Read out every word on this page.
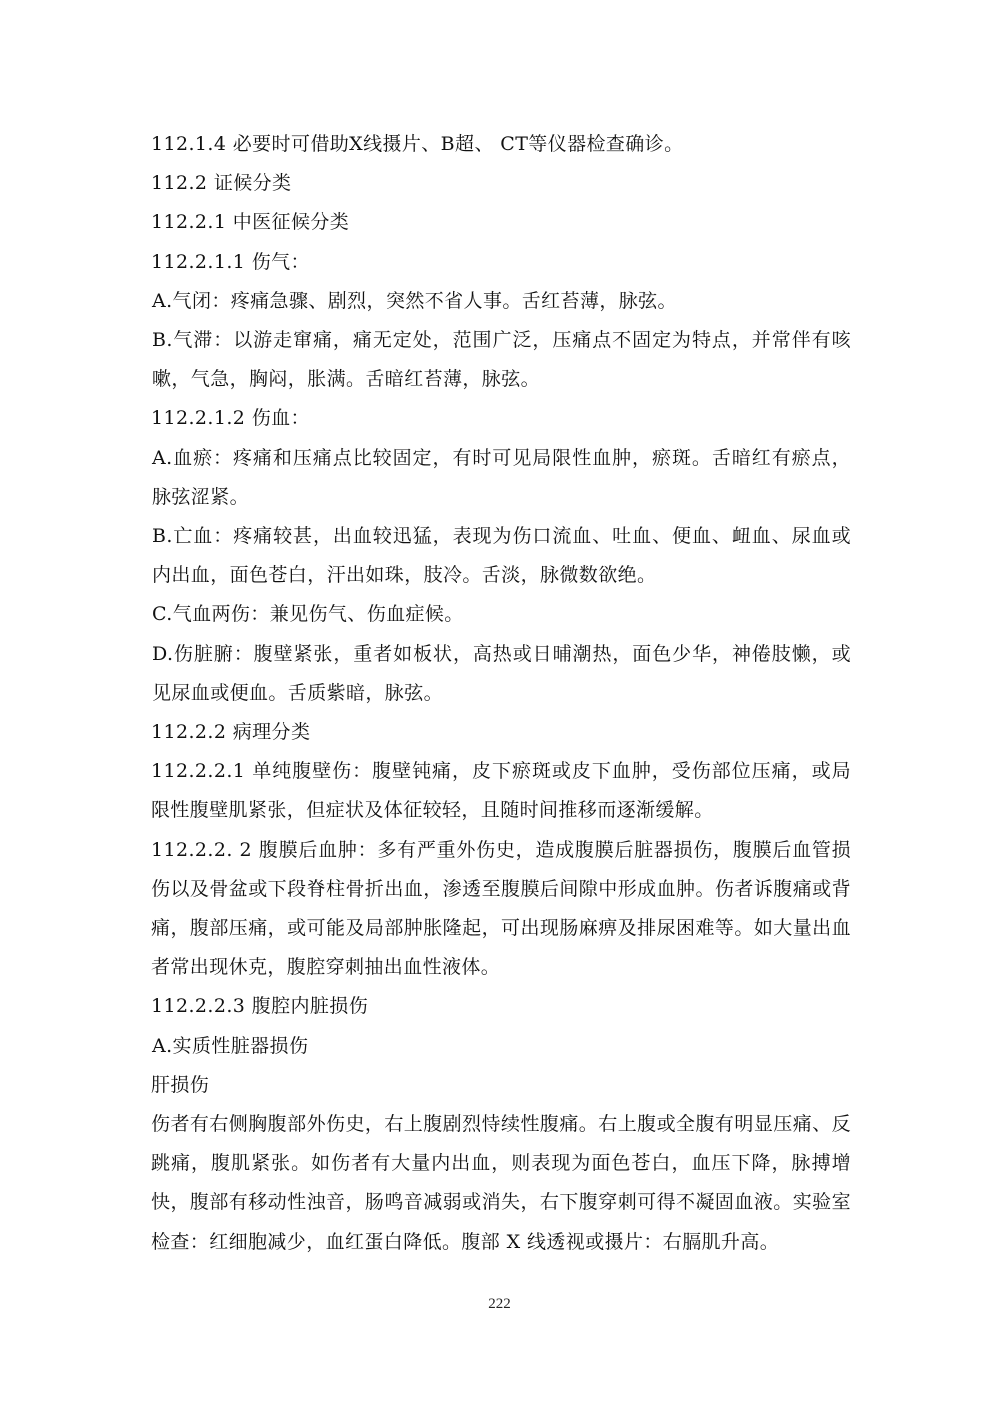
112.1.4 必要时可借助X线摄片、B超、 CT等仪器检查确诊。

112.2 证候分类

112.2.1 中医征候分类

112.2.1.1 伤气：

A.气闭：疼痛急骤、剧烈，突然不省人事。舌红苔薄，脉弦。

B.气滞：以游走窜痛，痛无定处，范围广泛，压痛点不固定为特点，并常伴有咳嗽，气急，胸闷，胀满。舌暗红苔薄，脉弦。

112.2.1.2 伤血：

A.血瘀：疼痛和压痛点比较固定，有时可见局限性血肿，瘀斑。舌暗红有瘀点，脉弦涩紧。

B.亡血：疼痛较甚，出血较迅猛，表现为伤口流血、吐血、便血、衄血、尿血或内出血，面色苍白，汗出如珠，肢冷。舌淡，脉微数欲绝。

C.气血两伤：兼见伤气、伤血症候。

D.伤脏腑：腹壁紧张，重者如板状，高热或日晡潮热，面色少华，神倦肢懒，或见尿血或便血。舌质紫暗，脉弦。

112.2.2 病理分类

112.2.2.1 单纯腹壁伤：腹壁钝痛，皮下瘀斑或皮下血肿，受伤部位压痛，或局限性腹壁肌紧张，但症状及体征较轻，且随时间推移而逐渐缓解。

112.2.2. 2 腹膜后血肿：多有严重外伤史，造成腹膜后脏器损伤，腹膜后血管损伤以及骨盆或下段脊柱骨折出血，渗透至腹膜后间隙中形成血肿。伤者诉腹痛或背痛，腹部压痛，或可能及局部肿胀隆起，可出现肠麻痹及排尿困难等。如大量出血者常出现休克，腹腔穿刺抽出血性液体。

112.2.2.3 腹腔内脏损伤

A.实质性脏器损伤

肝损伤

伤者有右侧胸腹部外伤史，右上腹剧烈恃续性腹痛。右上腹或全腹有明显压痛、反跳痛，腹肌紧张。如伤者有大量内出血，则表现为面色苍白，血压下降，脉搏增快，腹部有移动性浊音，肠鸣音减弱或消失，右下腹穿刺可得不凝固血液。实验室检查：红细胞减少，血红蛋白降低。腹部 X 线透视或摄片：右膈肌升高。

222
